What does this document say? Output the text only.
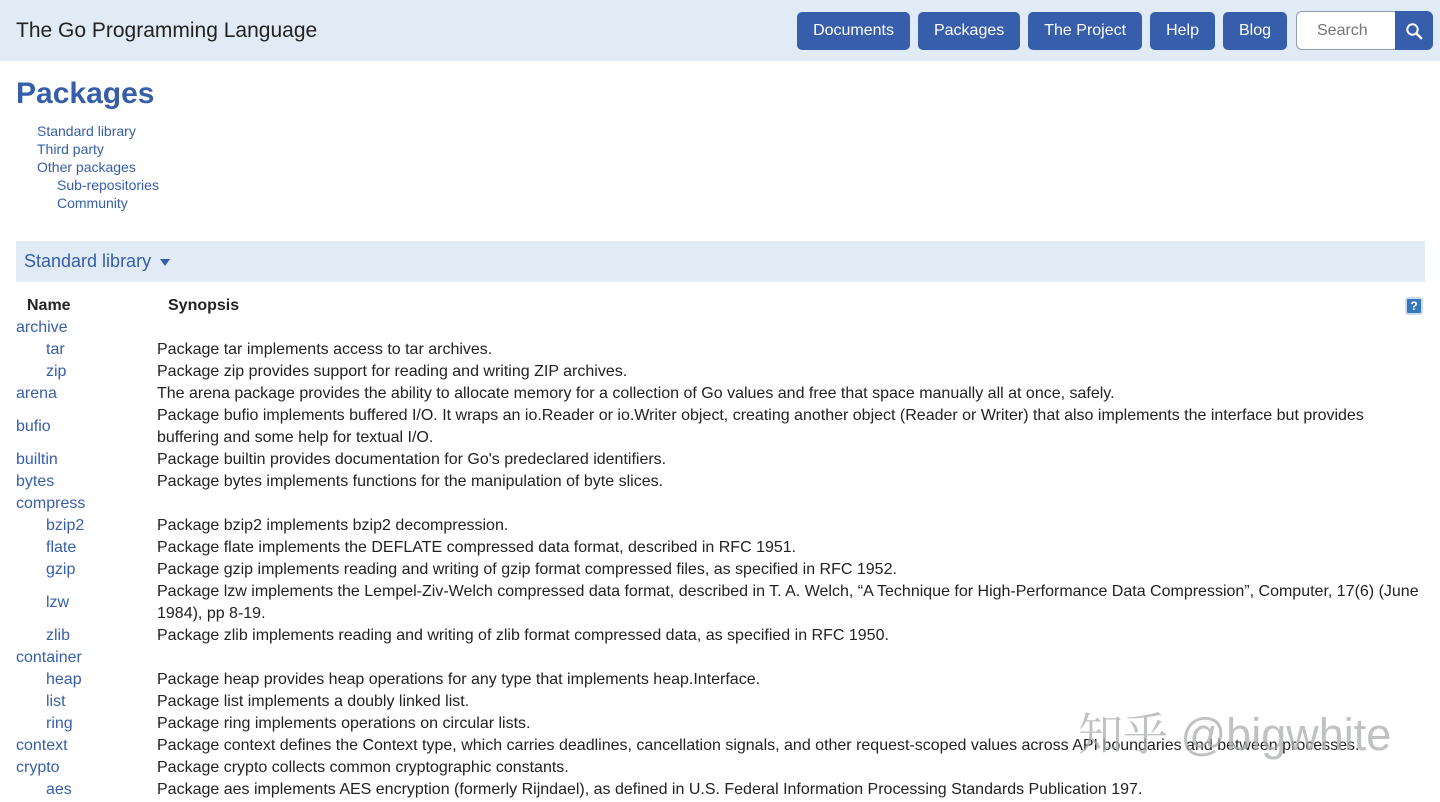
The Go Programming Language	Documents	Packages	The Project	Help	Blog
Search
Packages
Standard library
Third party
Other packages
Sub-repositories
Community
Standard library
?
Name	Synopsis
archive	
tar	Package tar implements access to tar archives.
zip	Package zip provides support for reading and writing ZIP archives.
arena	The arena package provides the ability to allocate memory for a collection of Go values and free that space manually all at once, safely.
bufio	Package bufio implements buffered I/O. It wraps an io.Reader or io.Writer object, creating another object (Reader or Writer) that also implements the interface but provides buffering and some help for textual I/O.
builtin	Package builtin provides documentation for Go's predeclared identifiers.
bytes	Package bytes implements functions for the manipulation of byte slices.
compress	
bzip2	Package bzip2 implements bzip2 decompression.
flate	Package flate implements the DEFLATE compressed data format, described in RFC 1951.
gzip	Package gzip implements reading and writing of gzip format compressed files, as specified in RFC 1952.
lzw	Package lzw implements the Lempel-Ziv-Welch compressed data format, described in T. A. Welch, “A Technique for High-Performance Data Compression”, Computer, 17(6) (June 1984), pp 8-19.
zlib	Package zlib implements reading and writing of zlib format compressed data, as specified in RFC 1950.
container	
heap	Package heap provides heap operations for any type that implements heap.Interface.
list	Package list implements a doubly linked list.
ring	Package ring implements operations on circular lists.
context	Package context defines the Context type, which carries deadlines, cancellation signals, and other request-scoped values across API boundaries and between processes.
crypto	Package crypto collects common cryptographic constants.
aes	Package aes implements AES encryption (formerly Rijndael), as defined in U.S. Federal Information Processing Standards Publication 197.
知乎 @bigwhite
